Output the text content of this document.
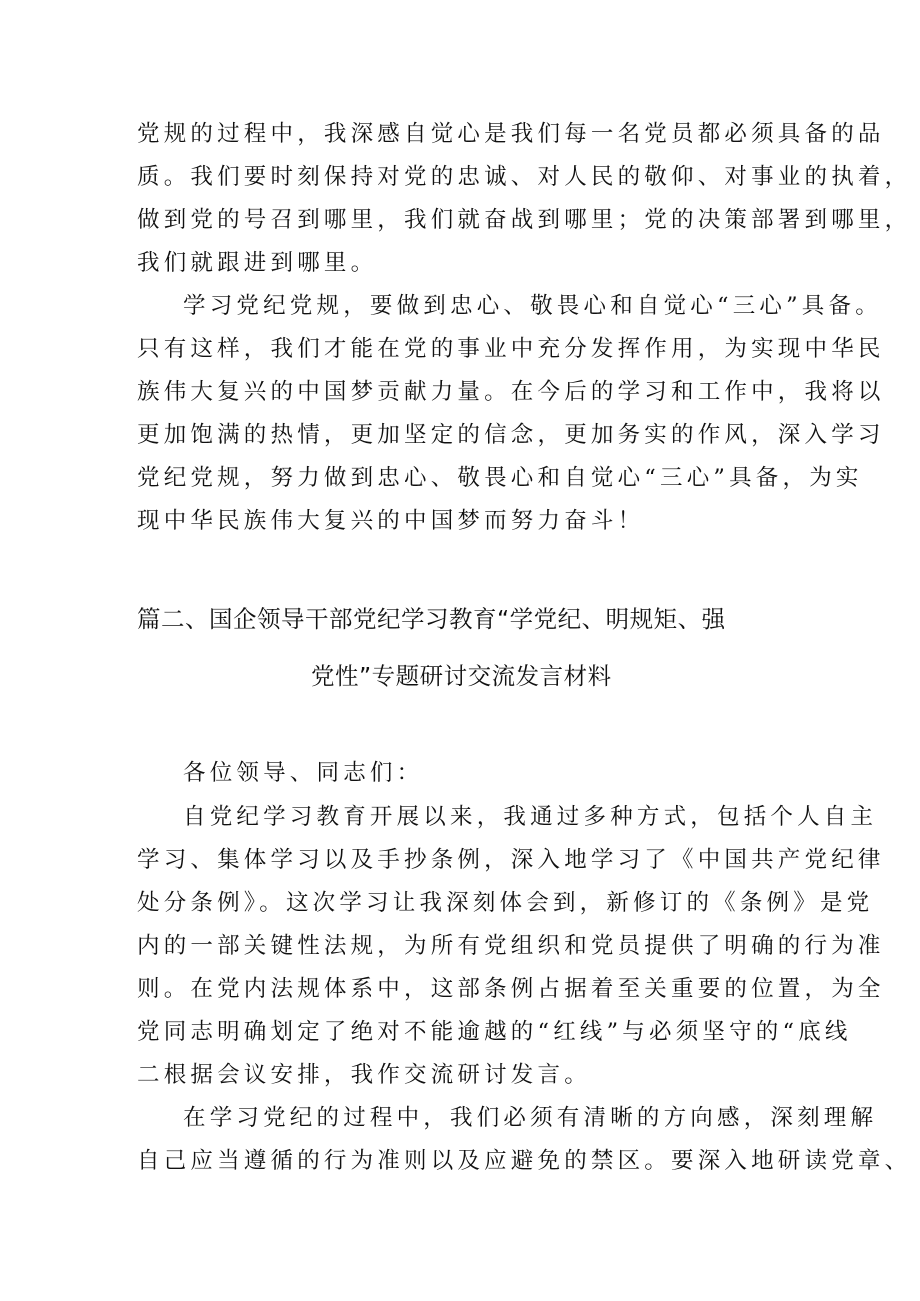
党规的过程中，我深感自觉心是我们每一名党员都必须具备的品
质。我们要时刻保持对党的忠诚、对人民的敬仰、对事业的执着，
做到党的号召到哪里，我们就奋战到哪里；党的决策部署到哪里，
我们就跟进到哪里。
学习党纪党规，要做到忠心、敬畏心和自觉心“三心”具备。
只有这样，我们才能在党的事业中充分发挥作用，为实现中华民
族伟大复兴的中国梦贡献力量。在今后的学习和工作中，我将以
更加饱满的热情，更加坚定的信念，更加务实的作风，深入学习
党纪党规，努力做到忠心、敬畏心和自觉心“三心”具备，为实
现中华民族伟大复兴的中国梦而努力奋斗！
篇二、国企领导干部党纪学习教育“学党纪、明规矩、强
党性”专题研讨交流发言材料
各位领导、同志们：
自党纪学习教育开展以来，我通过多种方式，包括个人自主
学习、集体学习以及手抄条例，深入地学习了《中国共产党纪律
处分条例》。这次学习让我深刻体会到，新修订的《条例》是党
内的一部关键性法规，为所有党组织和党员提供了明确的行为准
则。在党内法规体系中，这部条例占据着至关重要的位置，为全
党同志明确划定了绝对不能逾越的“红线”与必须坚守的“底线
二根据会议安排，我作交流研讨发言。
在学习党纪的过程中，我们必须有清晰的方向感，深刻理解
自己应当遵循的行为准则以及应避免的禁区。要深入地研读党章、
